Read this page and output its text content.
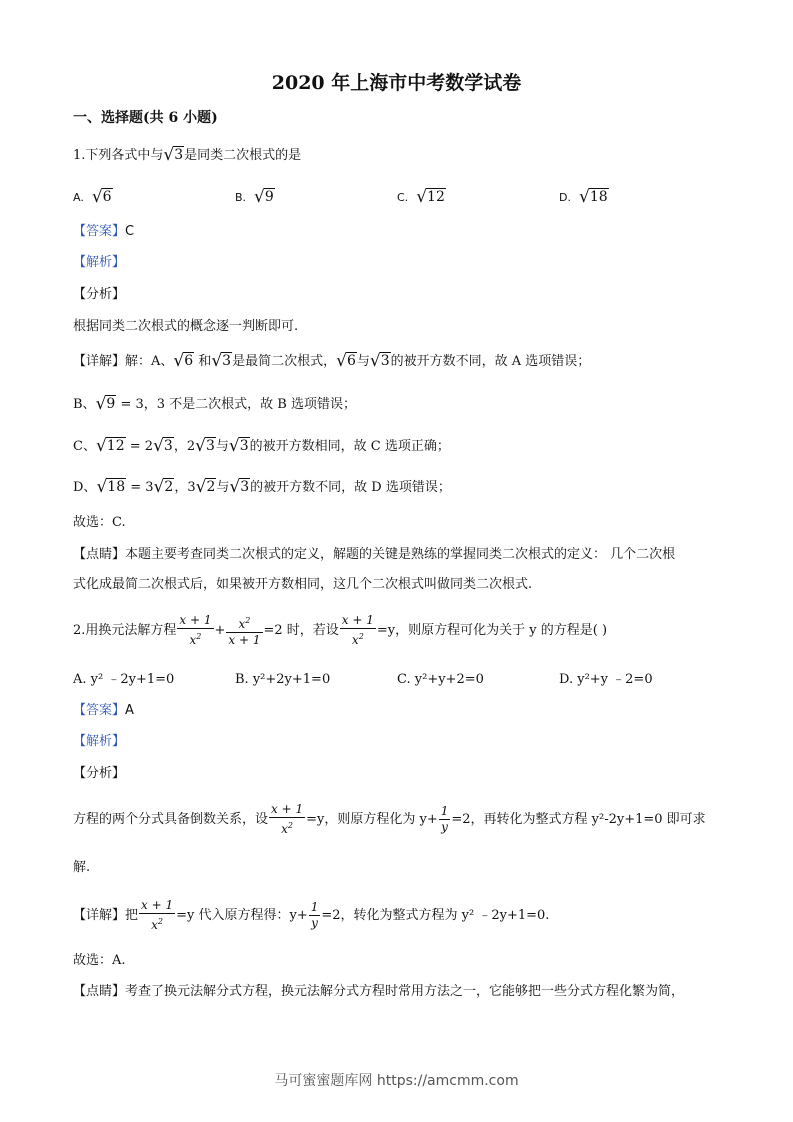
2020 年上海市中考数学试卷
一、选择题(共 6 小题)
1.下列各式中与√3是同类二次根式的是
A. √6	B. √9	C. √12	D. √18
【答案】C
【解析】
【分析】
根据同类二次根式的概念逐一判断即可.
【详解】解：A、√6 和√3是最简二次根式，√6与√3的被开方数不同，故 A 选项错误；
B、√9 = 3，3 不是二次根式，故 B 选项错误；
C、√12 = 2√3，2√3与√3的被开方数相同，故 C 选项正确；
D、√18 = 3√2，3√2与√3的被开方数不同，故 D 选项错误；
故选：C.
【点睛】本题主要考查同类二次根式的定义，解题的关键是熟练的掌握同类二次根式的定义： 几个二次根
式化成最简二次根式后，如果被开方数相同，这几个二次根式叫做同类二次根式.
2.用换元法解方程 $\frac{x + 1}{x^2} + \frac{x^2}{x + 1} =2$ 时，若设 $\frac{x + 1}{x^2} =y$，则原方程可化为关于 y 的方程是( )
A. y² ﹣2y+1=0	B. y²+2y+1=0	C. y²+y+2=0	D. y²+y ﹣2=0
【答案】A
【解析】
【分析】
方程的两个分式具备倒数关系，设 $\frac{x + 1}{x^2} =y$，则原方程化为 $y+ \frac{1}{y} =2$，再转化为整式方程 y²-2y+1=0 即可求
解.
【详解】把 $\frac{x + 1}{x^2} =y$ 代入原方程得：$y+ \frac{1}{y} =2$，转化为整式方程为 y² ﹣2y+1=0.
故选：A.
【点睛】考查了换元法解分式方程，换元法解分式方程时常用方法之一，它能够把一些分式方程化繁为简，
马可蜜蜜题库网 https://amcmm.com
